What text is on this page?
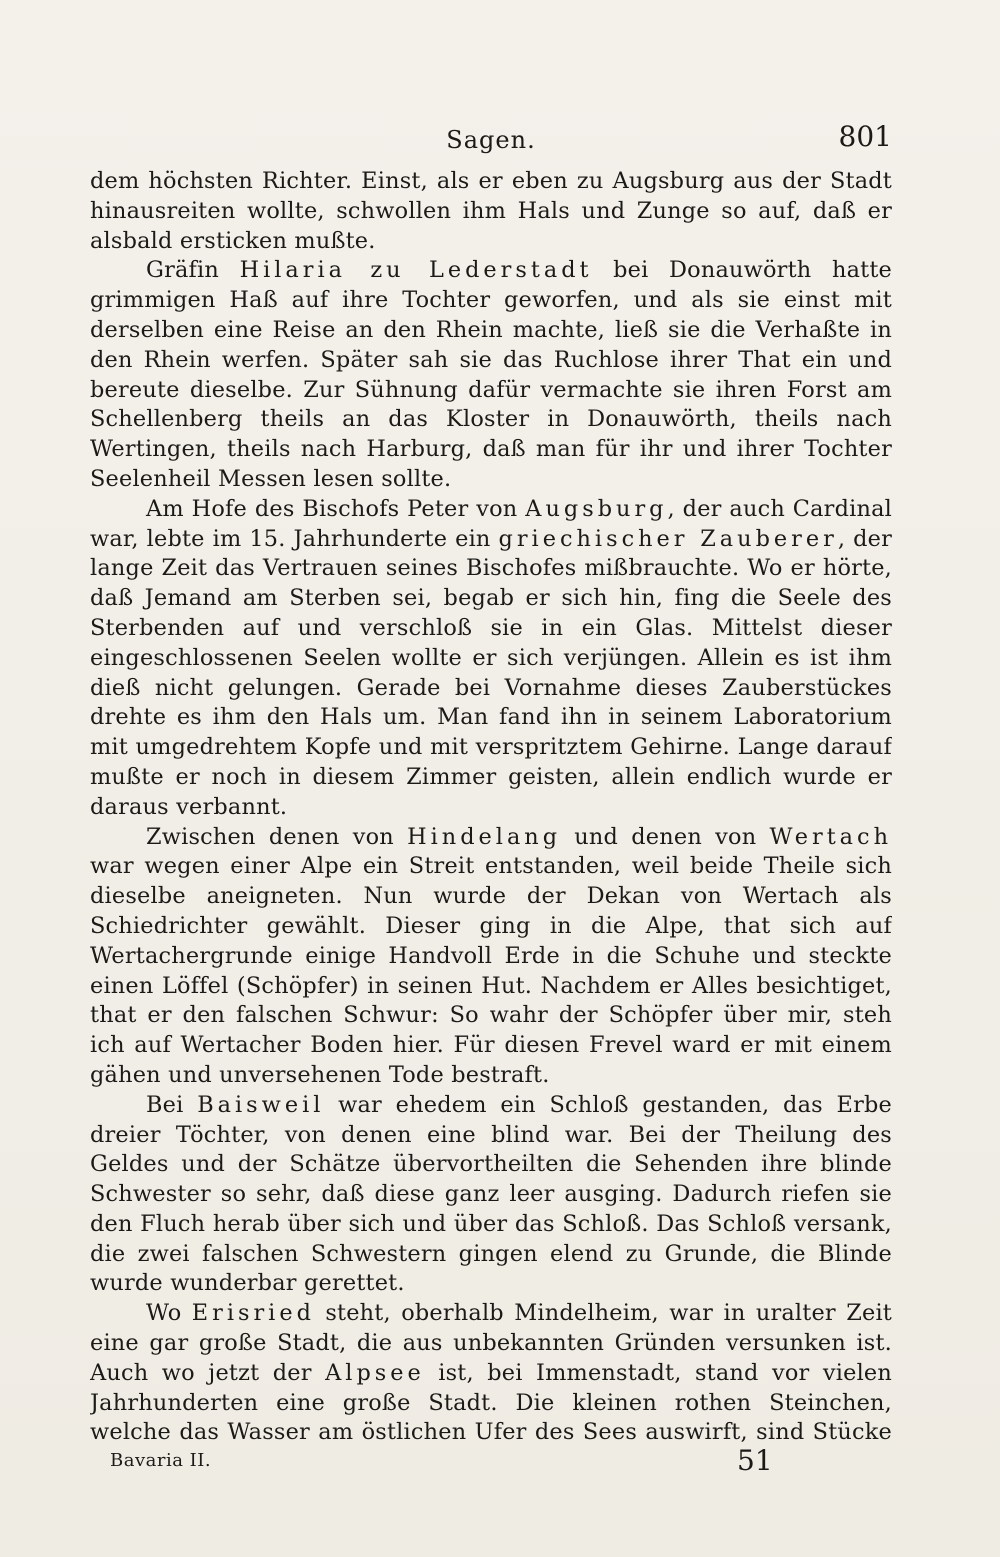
Sagen.	801

dem höchsten Richter. Einst, als er eben zu Augsburg aus der Stadt hinausreiten wollte, schwollen ihm Hals und Zunge so auf, daß er alsbald ersticken mußte.

Gräfin Hilaria zu Lederstadt bei Donauwörth hatte grimmigen Haß auf ihre Tochter geworfen, und als sie einst mit derselben eine Reise an den Rhein machte, ließ sie die Verhaßte in den Rhein werfen. Später sah sie das Ruchlose ihrer That ein und bereute dieselbe. Zur Sühnung dafür vermachte sie ihren Forst am Schellenberg theils an das Kloster in Donauwörth, theils nach Wertingen, theils nach Harburg, daß man für ihr und ihrer Tochter Seelenheil Messen lesen sollte.

Am Hofe des Bischofs Peter von Augsburg, der auch Cardinal war, lebte im 15. Jahrhunderte ein griechischer Zauberer, der lange Zeit das Vertrauen seines Bischofes mißbrauchte. Wo er hörte, daß Jemand am Sterben sei, begab er sich hin, fing die Seele des Sterbenden auf und verschloß sie in ein Glas. Mittelst dieser eingeschlossenen Seelen wollte er sich verjüngen. Allein es ist ihm dieß nicht gelungen. Gerade bei Vornahme dieses Zauberstückes drehte es ihm den Hals um. Man fand ihn in seinem Laboratorium mit umgedrehtem Kopfe und mit verspritztem Gehirne. Lange darauf mußte er noch in diesem Zimmer geisten, allein endlich wurde er daraus verbannt.

Zwischen denen von Hindelang und denen von Wertach war wegen einer Alpe ein Streit entstanden, weil beide Theile sich dieselbe aneigneten. Nun wurde der Dekan von Wertach als Schiedrichter gewählt. Dieser ging in die Alpe, that sich auf Wertachergrunde einige Handvoll Erde in die Schuhe und steckte einen Löffel (Schöpfer) in seinen Hut. Nachdem er Alles besichtiget, that er den falschen Schwur: So wahr der Schöpfer über mir, steh ich auf Wertacher Boden hier. Für diesen Frevel ward er mit einem gähen und unversehenen Tode bestraft.

Bei Baisweil war ehedem ein Schloß gestanden, das Erbe dreier Töchter, von denen eine blind war. Bei der Theilung des Geldes und der Schätze übervortheilten die Sehenden ihre blinde Schwester so sehr, daß diese ganz leer ausging. Dadurch riefen sie den Fluch herab über sich und über das Schloß. Das Schloß versank, die zwei falschen Schwestern gingen elend zu Grunde, die Blinde wurde wunderbar gerettet.

Wo Erisried steht, oberhalb Mindelheim, war in uralter Zeit eine gar große Stadt, die aus unbekannten Gründen versunken ist. Auch wo jetzt der Alpsee ist, bei Immenstadt, stand vor vielen Jahrhunderten eine große Stadt. Die kleinen rothen Steinchen, welche das Wasser am östlichen Ufer des Sees auswirft, sind Stücke

Bavaria II.	51
